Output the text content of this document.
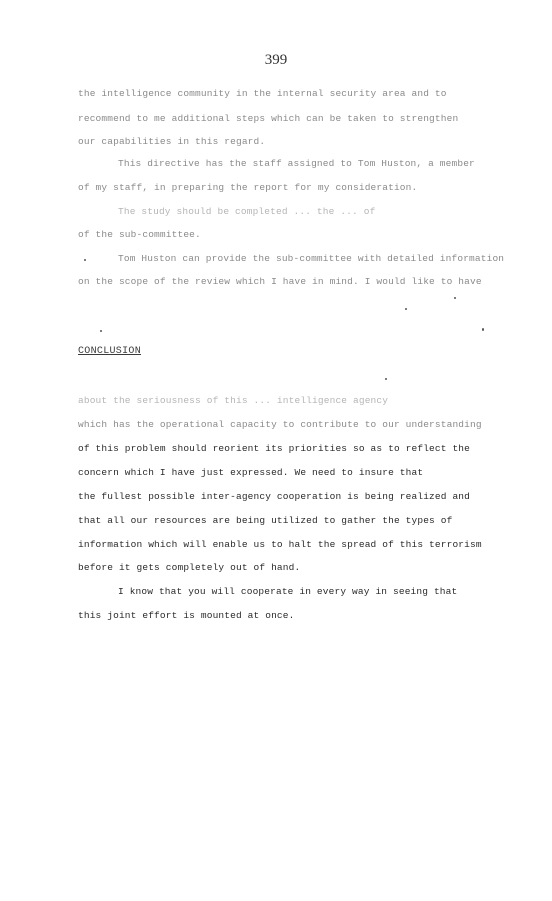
399
the intelligence community in the internal security area and to
recommend to me additional steps which can be taken to strengthen
our capabilities in this regard.
This directive has the staff assigned to Tom Huston, a member
of my staff, in preparing the report for my consideration.
The study should be completed ... the ... of
of the sub-committee.
Tom Huston can provide the sub-committee with detailed information
on the scope of the review which I have in mind. I would like to have
CONCLUSION
about the seriousness of this ... intelligence agency
which has the operational capacity to contribute to our understanding
of this problem should reorient its priorities so as to reflect the
concern which I have just expressed. We need to insure that
the fullest possible inter-agency cooperation is being realized and
that all our resources are being utilized to gather the types of
information which will enable us to halt the spread of this terrorism
before it gets completely out of hand.
I know that you will cooperate in every way in seeing that
this joint effort is mounted at once.
